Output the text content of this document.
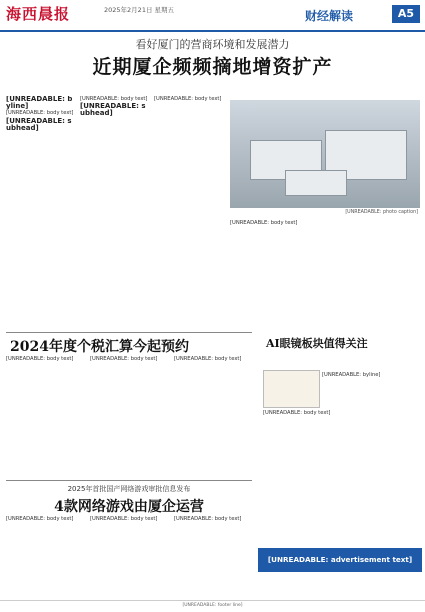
海西晨报	2025年2月21日 星期五	财经解读	A5
看好厦门的营商环境和发展潜力
近期厦企频频摘地增资扩产
[UNREADABLE: byline]
[UNREADABLE: body text]
[UNREADABLE: subhead]
[UNREADABLE: body text]
[UNREADABLE: subhead]
[UNREADABLE: body text]
[UNREADABLE: photo caption]
[UNREADABLE: body text]
2024年度个税汇算今起预约
[UNREADABLE: body text]	[UNREADABLE: body text]	[UNREADABLE: body text]
AI眼镜板块值得关注
[UNREADABLE: byline]
[UNREADABLE: body text]
2025年首批国产网络游戏审批信息发布
4款网络游戏由厦企运营
[UNREADABLE: body text]	[UNREADABLE: body text]	[UNREADABLE: body text]
[UNREADABLE: advertisement text]
[UNREADABLE: footer line]
